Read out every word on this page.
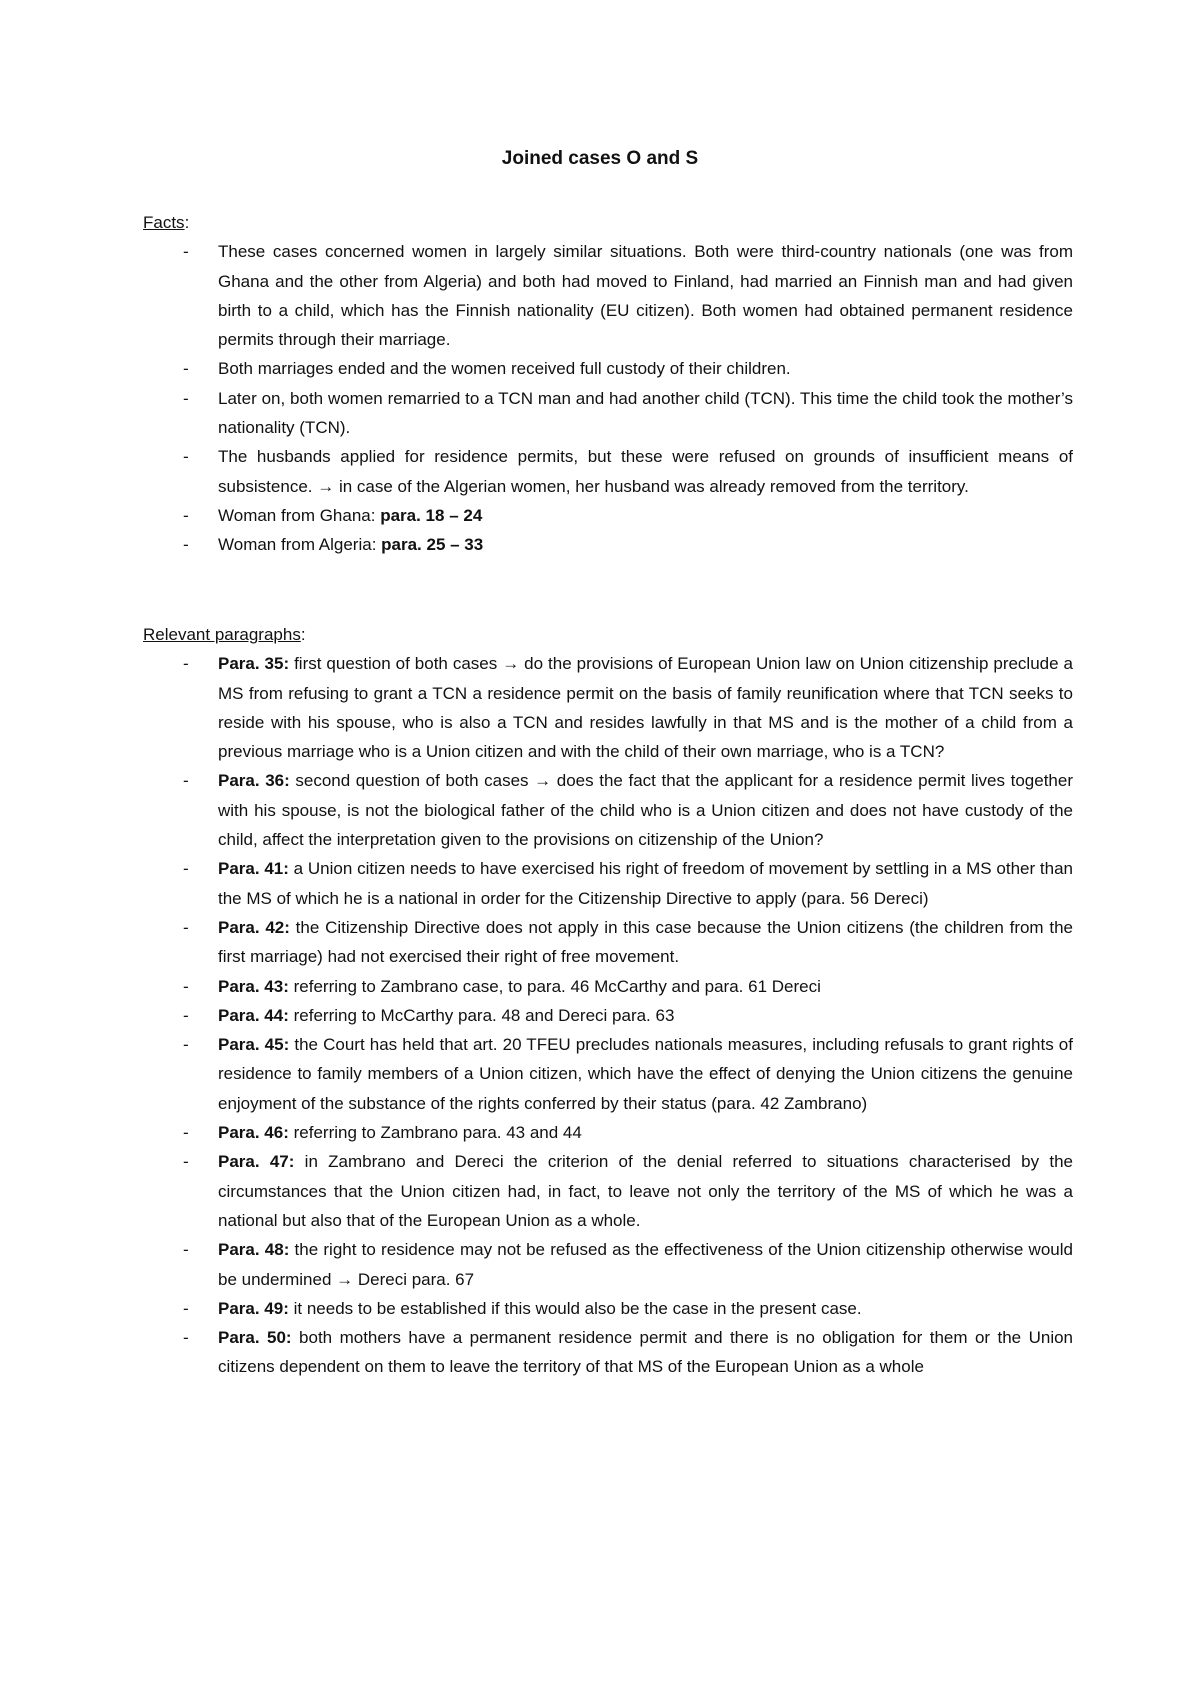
Joined cases O and S
Facts:
- These cases concerned women in largely similar situations. Both were third-country nationals (one was from Ghana and the other from Algeria) and both had moved to Finland, had married an Finnish man and had given birth to a child, which has the Finnish nationality (EU citizen). Both women had obtained permanent residence permits through their marriage.
- Both marriages ended and the women received full custody of their children.
- Later on, both women remarried to a TCN man and had another child (TCN). This time the child took the mother’s nationality (TCN).
- The husbands applied for residence permits, but these were refused on grounds of insufficient means of subsistence. → in case of the Algerian women, her husband was already removed from the territory.
- Woman from Ghana: para. 18 – 24
- Woman from Algeria: para. 25 – 33
Relevant paragraphs:
- Para. 35: first question of both cases → do the provisions of European Union law on Union citizenship preclude a MS from refusing to grant a TCN a residence permit on the basis of family reunification where that TCN seeks to reside with his spouse, who is also a TCN and resides lawfully in that MS and is the mother of a child from a previous marriage who is a Union citizen and with the child of their own marriage, who is a TCN?
- Para. 36: second question of both cases → does the fact that the applicant for a residence permit lives together with his spouse, is not the biological father of the child who is a Union citizen and does not have custody of the child, affect the interpretation given to the provisions on citizenship of the Union?
- Para. 41: a Union citizen needs to have exercised his right of freedom of movement by settling in a MS other than the MS of which he is a national in order for the Citizenship Directive to apply (para. 56 Dereci)
- Para. 42: the Citizenship Directive does not apply in this case because the Union citizens (the children from the first marriage) had not exercised their right of free movement.
- Para. 43: referring to Zambrano case, to para. 46 McCarthy and para. 61 Dereci
- Para. 44: referring to McCarthy para. 48 and Dereci para. 63
- Para. 45: the Court has held that art. 20 TFEU precludes nationals measures, including refusals to grant rights of residence to family members of a Union citizen, which have the effect of denying the Union citizens the genuine enjoyment of the substance of the rights conferred by their status (para. 42 Zambrano)
- Para. 46: referring to Zambrano para. 43 and 44
- Para. 47: in Zambrano and Dereci the criterion of the denial referred to situations characterised by the circumstances that the Union citizen had, in fact, to leave not only the territory of the MS of which he was a national but also that of the European Union as a whole.
- Para. 48: the right to residence may not be refused as the effectiveness of the Union citizenship otherwise would be undermined → Dereci para. 67
- Para. 49: it needs to be established if this would also be the case in the present case.
- Para. 50: both mothers have a permanent residence permit and there is no obligation for them or the Union citizens dependent on them to leave the territory of that MS of the European Union as a whole
